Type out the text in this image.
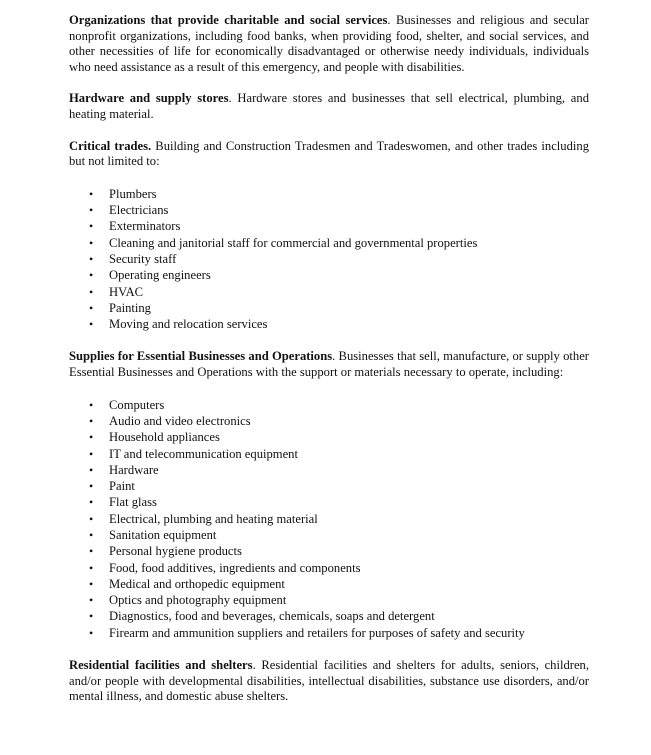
Organizations that provide charitable and social services. Businesses and religious and secular nonprofit organizations, including food banks, when providing food, shelter, and social services, and other necessities of life for economically disadvantaged or otherwise needy individuals, individuals who need assistance as a result of this emergency, and people with disabilities.

Hardware and supply stores. Hardware stores and businesses that sell electrical, plumbing, and heating material.

Critical trades. Building and Construction Tradesmen and Tradeswomen, and other trades including but not limited to:

• Plumbers
• Electricians
• Exterminators
• Cleaning and janitorial staff for commercial and governmental properties
• Security staff
• Operating engineers
• HVAC
• Painting
• Moving and relocation services

Supplies for Essential Businesses and Operations. Businesses that sell, manufacture, or supply other Essential Businesses and Operations with the support or materials necessary to operate, including:

• Computers
• Audio and video electronics
• Household appliances
• IT and telecommunication equipment
• Hardware
• Paint
• Flat glass
• Electrical, plumbing and heating material
• Sanitation equipment
• Personal hygiene products
• Food, food additives, ingredients and components
• Medical and orthopedic equipment
• Optics and photography equipment
• Diagnostics, food and beverages, chemicals, soaps and detergent
• Firearm and ammunition suppliers and retailers for purposes of safety and security

Residential facilities and shelters. Residential facilities and shelters for adults, seniors, children, and/or people with developmental disabilities, intellectual disabilities, substance use disorders, and/or mental illness, and domestic abuse shelters.
